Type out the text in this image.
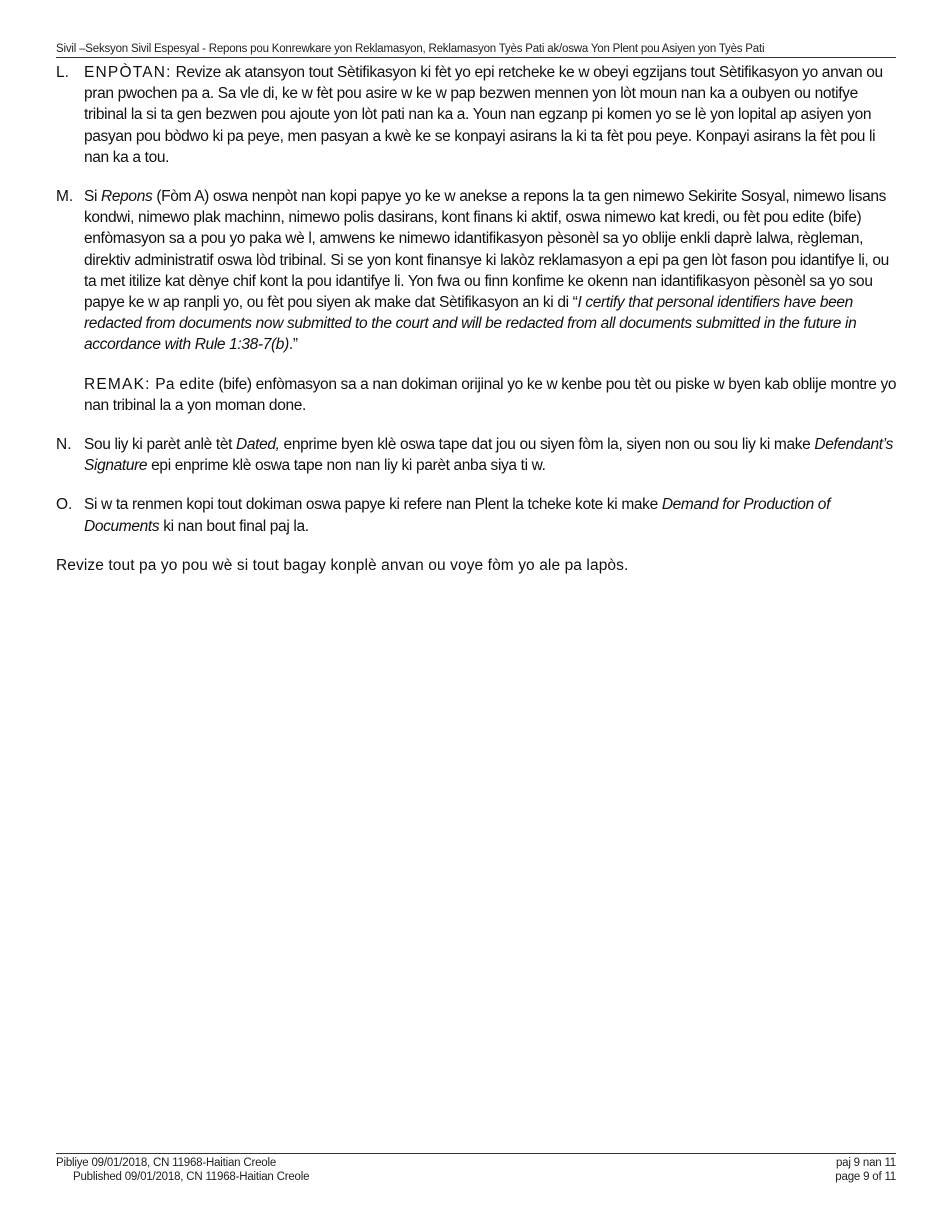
Sivil –Seksyon Sivil Espesyal - Repons pou Konrewkare yon Reklamasyon, Reklamasyon Tyès Pati ak/oswa Yon Plent pou Asiyen yon Tyès Pati
L. ENPÒTAN: Revize ak atansyon tout Sètifikasyon ki fèt yo epi retcheke ke w obeyi egzijans tout Sètifikasyon yo anvan ou pran pwochen pa a. Sa vle di, ke w fèt pou asire w ke w pap bezwen mennen yon lòt moun nan ka a oubyen ou notifye tribinal la si ta gen bezwen pou ajoute yon lòt pati nan ka a. Youn nan egzanp pi komen yo se lè yon lopital ap asiyen yon pasyan pou bòdwo ki pa peye, men pasyan a kwè ke se konpayi asirans la ki ta fèt pou peye. Konpayi asirans la fèt pou li nan ka a tou.
M. Si Repons (Fòm A) oswa nenpòt nan kopi papye yo ke w anekse a repons la ta gen nimewo Sekirite Sosyal, nimewo lisans kondwi, nimewo plak machinn, nimewo polis dasirans, kont finans ki aktif, oswa nimewo kat kredi, ou fèt pou edite (bife) enfòmasyon sa a pou yo paka wè l, amwens ke nimewo idantifikasyon pèsonèl sa yo oblije enkli daprè lalwa, règleman, direktiv administratif oswa lòd tribinal. Si se yon kont finansye ki lakòz reklamasyon a epi pa gen lòt fason pou idantifye li, ou ta met itilize kat dènye chif kont la pou idantifye li. Yon fwa ou finn konfime ke okenn nan idantifikasyon pèsonèl sa yo sou papye ke w ap ranpli yo, ou fèt pou siyen ak make dat Sètifikasyon an ki di “I certify that personal identifiers have been redacted from documents now submitted to the court and will be redacted from all documents submitted in the future in accordance with Rule 1:38-7(b).”
REMAK: Pa edite (bife) enfòmasyon sa a nan dokiman orijinal yo ke w kenbe pou tèt ou piske w byen kab oblije montre yo nan tribinal la a yon moman done.
N. Sou liy ki parèt anlè tèt Dated, enprime byen klè oswa tape dat jou ou siyen fòm la, siyen non ou sou liy ki make Defendant’s Signature epi enprime klè oswa tape non nan liy ki parèt anba siya ti w.
O. Si w ta renmen kopi tout dokiman oswa papye ki refere nan Plent la tcheke kote ki make Demand for Production of Documents ki nan bout final paj la.
Revize tout pa yo pou wè si tout bagay konplè anvan ou voye fòm yo ale pa lapòs.
Pibliye 09/01/2018, CN 11968-Haitian Creole
Published 09/01/2018, CN 11968-Haitian Creole
paj 9 nan 11
page 9 of 11
